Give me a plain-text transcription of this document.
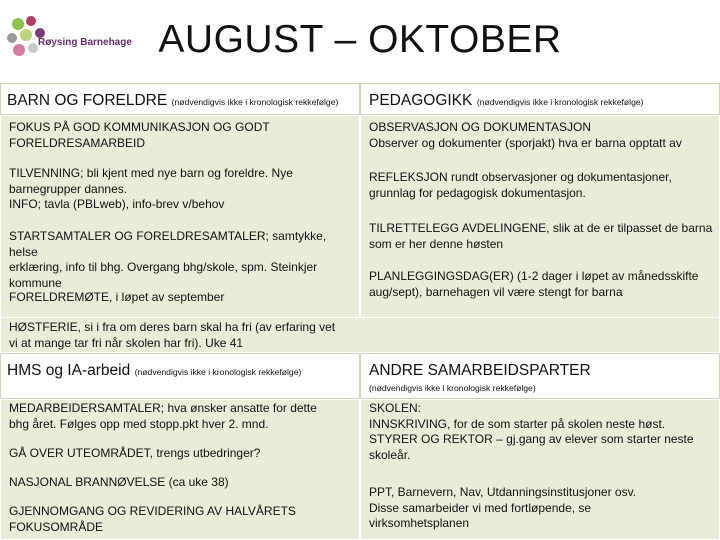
Røysing Barnehage AUGUST – OKTOBER
BARN OG FORELDRE (nødvendigvis ikke i kronologisk rekkefølge) PEDAGOGIKK (nødvendigvis ikke i kronologisk rekkefølge)
FOKUS PÅ GOD KOMMUNIKASJON OG GODT
FORELDRESAMARBEID
TILVENNING; bli kjent med nye barn og foreldre. Nye
barnegrupper dannes.
INFO; tavla (PBLweb), info-brev v/behov
STARTSAMTALER OG FORELDRESAMTALER; samtykke, helse
erklæring, info til bhg. Overgang bhg/skole, spm. Steinkjer
kommune
FORELDREMØTE, i løpet av september
OBSERVASJON OG DOKUMENTASJON
Observer og dokumenter (sporjakt) hva er barna opptatt av
REFLEKSJON rundt observasjoner og dokumentasjoner,
grunnlag for pedagogisk dokumentasjon.
TILRETTELEGG AVDELINGENE, slik at de er tilpasset de barna
som er her denne høsten
PLANLEGGINGSDAG(ER) (1-2 dager i løpet av månedsskifte
aug/sept), barnehagen vil være stengt for barna
HØSTFERIE, si i fra om deres barn skal ha fri (av erfaring vet
vi at mange tar fri når skolen har fri). Uke 41
HMS og IA-arbeid (nødvendigvis ikke i kronologisk rekkefølge)	ANDRE SAMARBEIDSPARTER
(nødvendigvis ikke i kronologisk rekkefølge)
MEDARBEIDERSAMTALER; hva ønsker ansatte for dette
bhg året. Følges opp med stopp.pkt hver 2. mnd.
GÅ OVER UTEOMRÅDET, trengs utbedringer?
NASJONAL BRANNØVELSE (ca uke 38)
GJENNOMGANG OG REVIDERING AV HALVÅRETS
FOKUSOMRÅDE
SKOLEN:
INNSKRIVING, for de som starter på skolen neste høst.
STYRER OG REKTOR – gj.gang av elever som starter neste
skoleår.
PPT, Barnevern, Nav, Utdanningsinstitusjoner osv.
Disse samarbeider vi med fortløpende, se
virksomhetsplanen
